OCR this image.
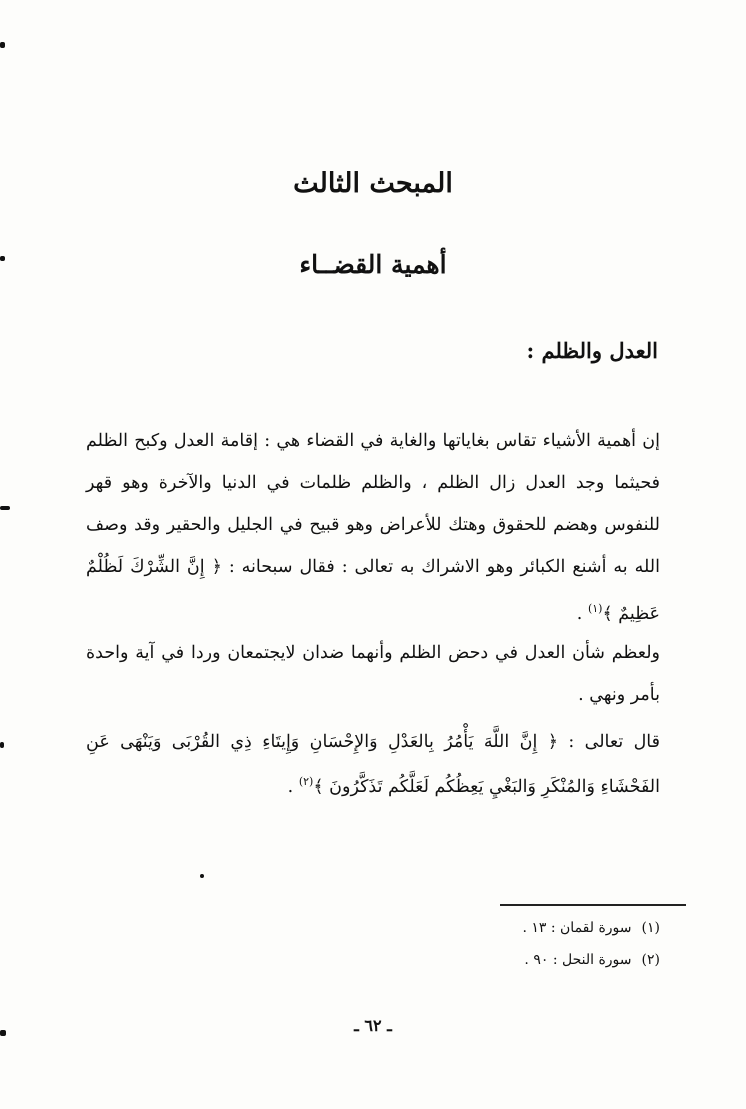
المبحث الثالث
أهمية القضــاء
العدل والظلم :
إن أهمية الأشياء تقاس بغاياتها والغاية في القضاء هي : إقامة العدل وكبح الظلم فحيثما وجد العدل زال الظلم ، والظلم ظلمات في الدنيا والآخرة وهو قهر للنفوس وهضم للحقوق وهتك للأعراض وهو قبيح في الجليل والحقير وقد وصف الله به أشنع الكبائر وهو الاشراك به تعالى : فقال سبحانه : ﴿ إِنَّ الشِّرْكَ لَظُلْمٌ عَظِيمٌ ﴾$^{(١)}$ .
ولعظم شأن العدل في دحض الظلم وأنهما ضدان لايجتمعان وردا في آية واحدة بأمر ونهي .
قال تعالى : ﴿ إِنَّ اللَّهَ يَأْمُرُ بِالعَدْلِ وَالإِحْسَانِ وَإِيتَاءِ ذِي القُرْبَى وَيَنْهَى عَنِ الفَحْشَاءِ وَالمُنْكَرِ وَالبَغْيِ يَعِظُكُم لَعَلَّكُم تَذَكَّرُونَ ﴾$^{(٢)}$ .
(١)سورة لقمان : ١٣ .
(٢)سورة النحل : ٩٠ .
ـ ٦٢ ـ
